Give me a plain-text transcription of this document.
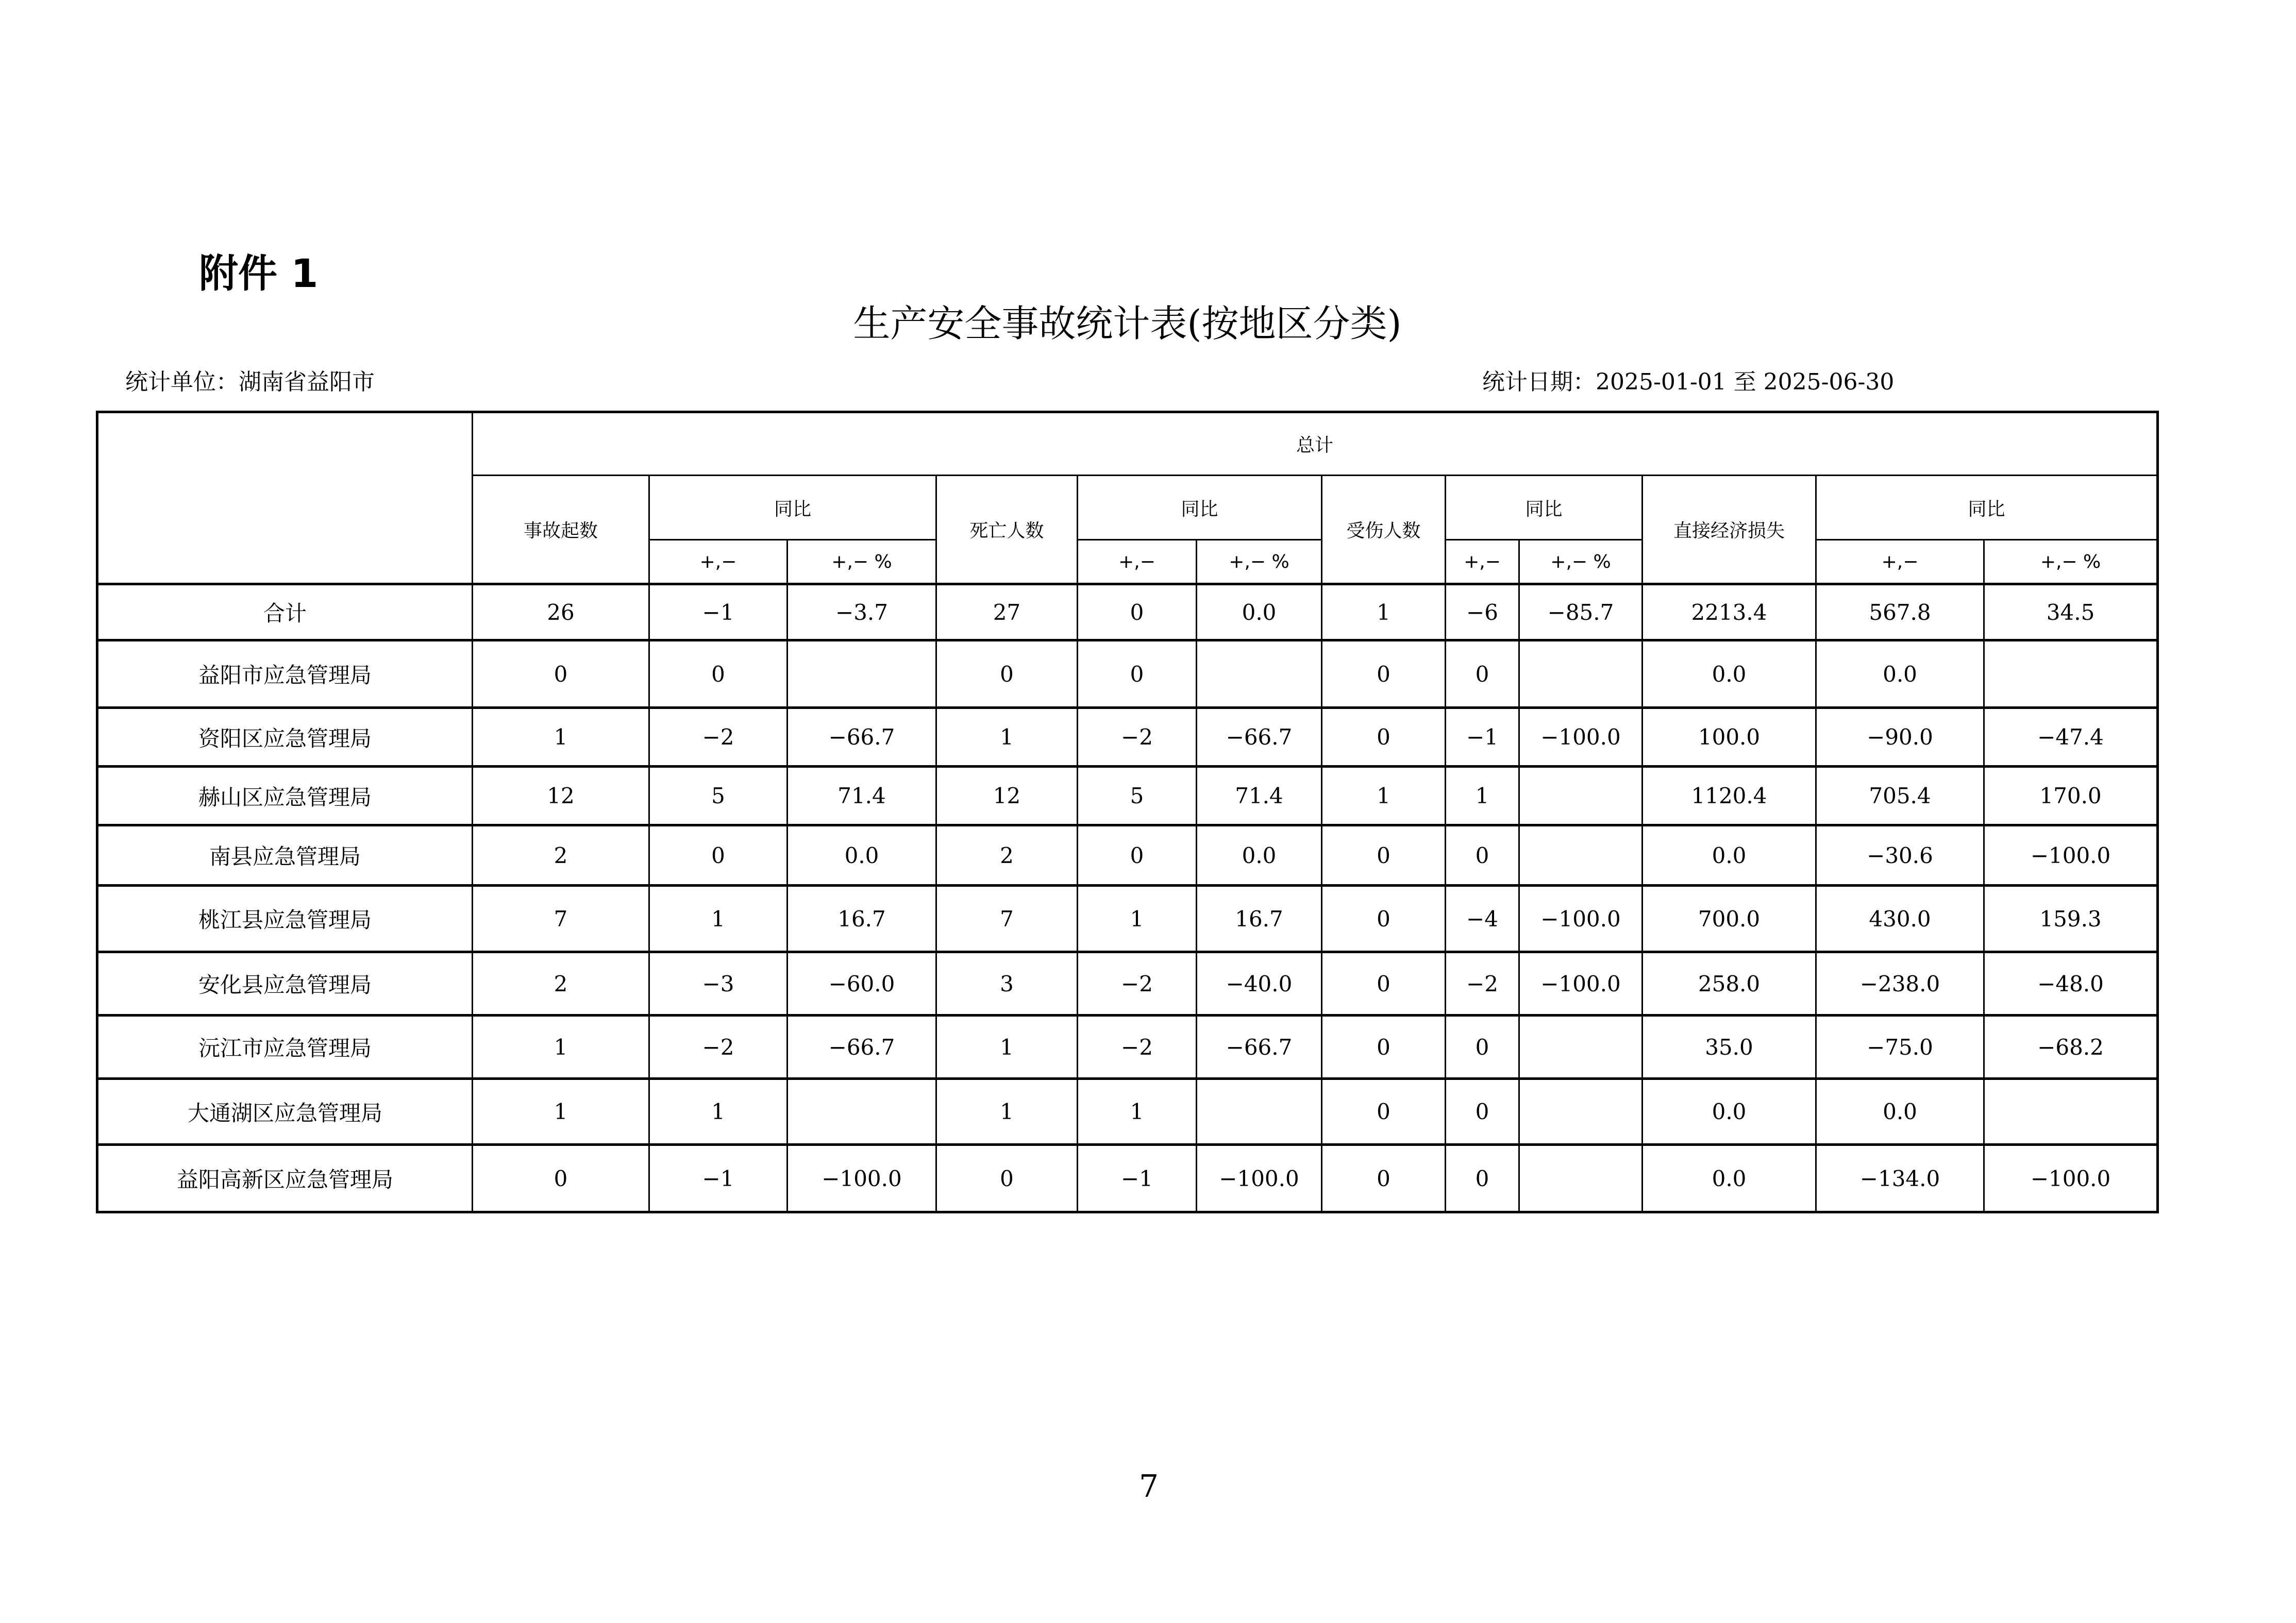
附件 1
生产安全事故统计表(按地区分类)
统计单位：湖南省益阳市	统计日期：2025-01-01 至 2025-06-30
	总计											
	事故起数	同比		死亡人数	同比		受伤人数	同比		直接经济损失	同比	
		+,−	+,− %		+,−	+,− %		+,−	+,− %		+,−	+,− %
合计	26	−1	−3.7	27	0	0.0	1	−6	−85.7	2213.4	567.8	34.5
益阳市应急管理局	0	0		0	0		0	0		0.0	0.0	
资阳区应急管理局	1	−2	−66.7	1	−2	−66.7	0	−1	−100.0	100.0	−90.0	−47.4
赫山区应急管理局	12	5	71.4	12	5	71.4	1	1		1120.4	705.4	170.0
南县应急管理局	2	0	0.0	2	0	0.0	0	0		0.0	−30.6	−100.0
桃江县应急管理局	7	1	16.7	7	1	16.7	0	−4	−100.0	700.0	430.0	159.3
安化县应急管理局	2	−3	−60.0	3	−2	−40.0	0	−2	−100.0	258.0	−238.0	−48.0
沅江市应急管理局	1	−2	−66.7	1	−2	−66.7	0	0		35.0	−75.0	−68.2
大通湖区应急管理局	1	1		1	1		0	0		0.0	0.0	
益阳高新区应急管理局	0	−1	−100.0	0	−1	−100.0	0	0		0.0	−134.0	−100.0
7
